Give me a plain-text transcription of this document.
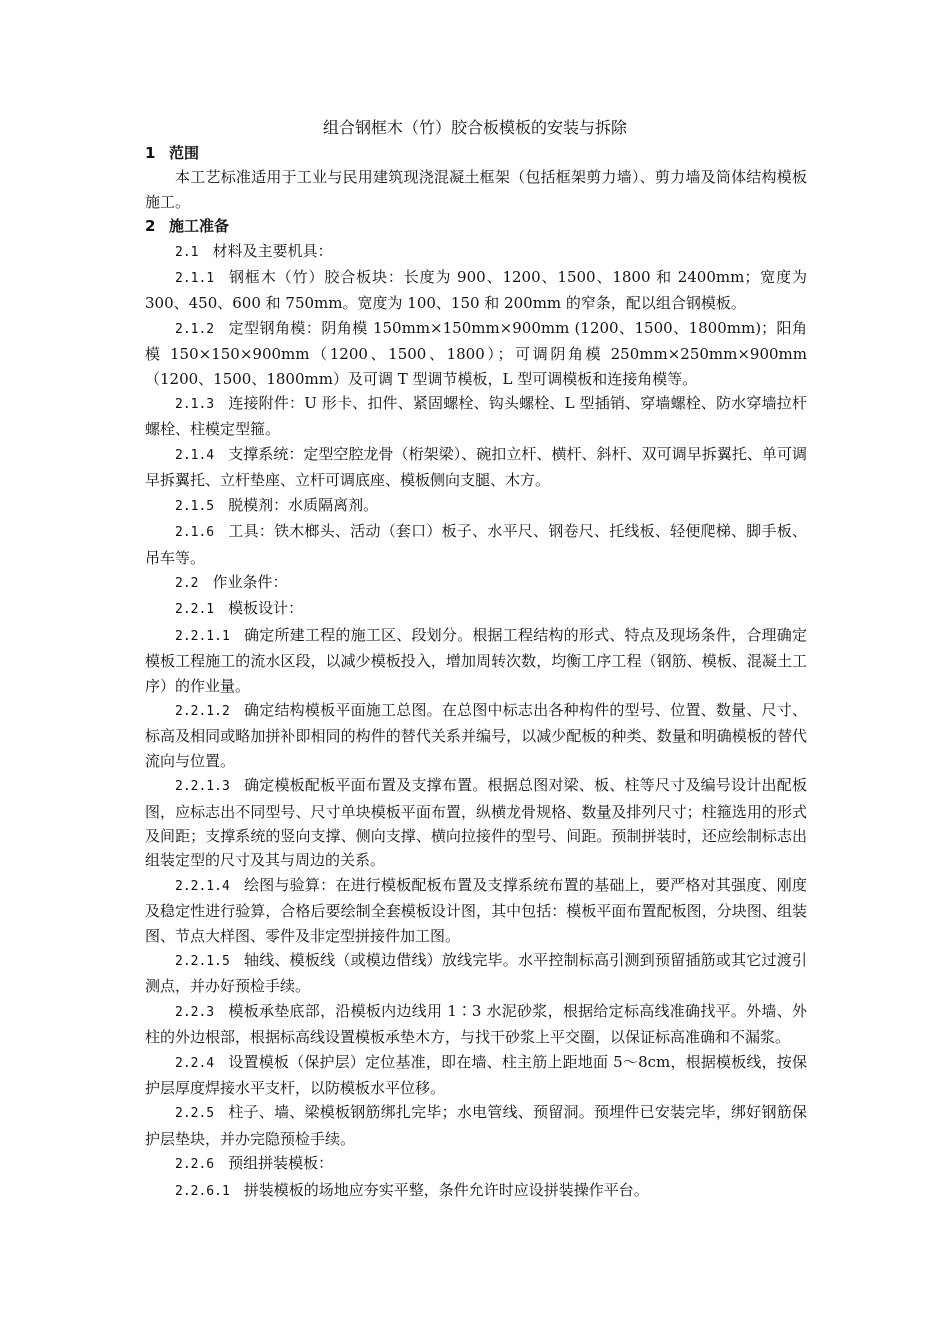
组合钢框木（竹）胶合板模板的安装与拆除

1 范围

本工艺标准适用于工业与民用建筑现浇混凝土框架（包括框架剪力墙）、剪力墙及筒体结构模板施工。

2 施工准备

2.1 材料及主要机具：

2.1.1 钢框木（竹）胶合板块：长度为 900、1200、1500、1800 和 2400mm；宽度为 300、450、600 和 750mm。宽度为 100、150 和 200mm 的窄条，配以组合钢模板。

2.1.2 定型钢角模：阴角模 150mm×150mm×900mm (1200、1500、1800mm)；阳角模 150×150×900mm（1200、1500、1800）；可调阴角模 250mm×250mm×900mm（1200、1500、1800mm）及可调 T 型调节模板，L 型可调模板和连接角模等。

2.1.3 连接附件：U 形卡、扣件、紧固螺栓、钩头螺栓、L 型插销、穿墙螺栓、防水穿墙拉杆螺栓、柱模定型箍。

2.1.4 支撑系统：定型空腔龙骨（桁架梁）、碗扣立杆、横杆、斜杆、双可调早拆翼托、单可调早拆翼托、立杆垫座、立杆可调底座、模板侧向支腿、木方。

2.1.5 脱模剂：水质隔离剂。

2.1.6 工具：铁木榔头、活动（套口）板子、水平尺、钢卷尺、托线板、轻便爬梯、脚手板、吊车等。

2.2 作业条件：

2.2.1 模板设计：

2.2.1.1 确定所建工程的施工区、段划分。根据工程结构的形式、特点及现场条件，合理确定模板工程施工的流水区段，以减少模板投入，增加周转次数，均衡工序工程（钢筋、模板、混凝土工序）的作业量。

2.2.1.2 确定结构模板平面施工总图。在总图中标志出各种构件的型号、位置、数量、尺寸、标高及相同或略加拼补即相同的构件的替代关系并编号，以减少配板的种类、数量和明确模板的替代流向与位置。

2.2.1.3 确定模板配板平面布置及支撑布置。根据总图对梁、板、柱等尺寸及编号设计出配板图，应标志出不同型号、尺寸单块模板平面布置，纵横龙骨规格、数量及排列尺寸；柱箍选用的形式及间距；支撑系统的竖向支撑、侧向支撑、横向拉接件的型号、间距。预制拼装时，还应绘制标志出组装定型的尺寸及其与周边的关系。

2.2.1.4 绘图与验算：在进行模板配板布置及支撑系统布置的基础上，要严格对其强度、刚度及稳定性进行验算，合格后要绘制全套模板设计图，其中包括：模板平面布置配板图，分块图、组装图、节点大样图、零件及非定型拼接件加工图。

2.2.1.5 轴线、模板线（或模边借线）放线完毕。水平控制标高引测到预留插筋或其它过渡引测点，并办好预检手续。

2.2.3 模板承垫底部，沿模板内边线用 1∶3 水泥砂浆，根据给定标高线准确找平。外墙、外柱的外边根部，根据标高线设置模板承垫木方，与找干砂浆上平交圈，以保证标高准确和不漏浆。

2.2.4 设置模板（保护层）定位基准，即在墙、柱主筋上距地面 5～8cm，根据模板线，按保护层厚度焊接水平支杆，以防模板水平位移。

2.2.5 柱子、墙、梁模板钢筋绑扎完毕；水电管线、预留洞。预埋件已安装完毕，绑好钢筋保护层垫块，并办完隐预检手续。

2.2.6 预组拼装模板：

2.2.6.1 拼装模板的场地应夯实平整，条件允许时应设拼装操作平台。
